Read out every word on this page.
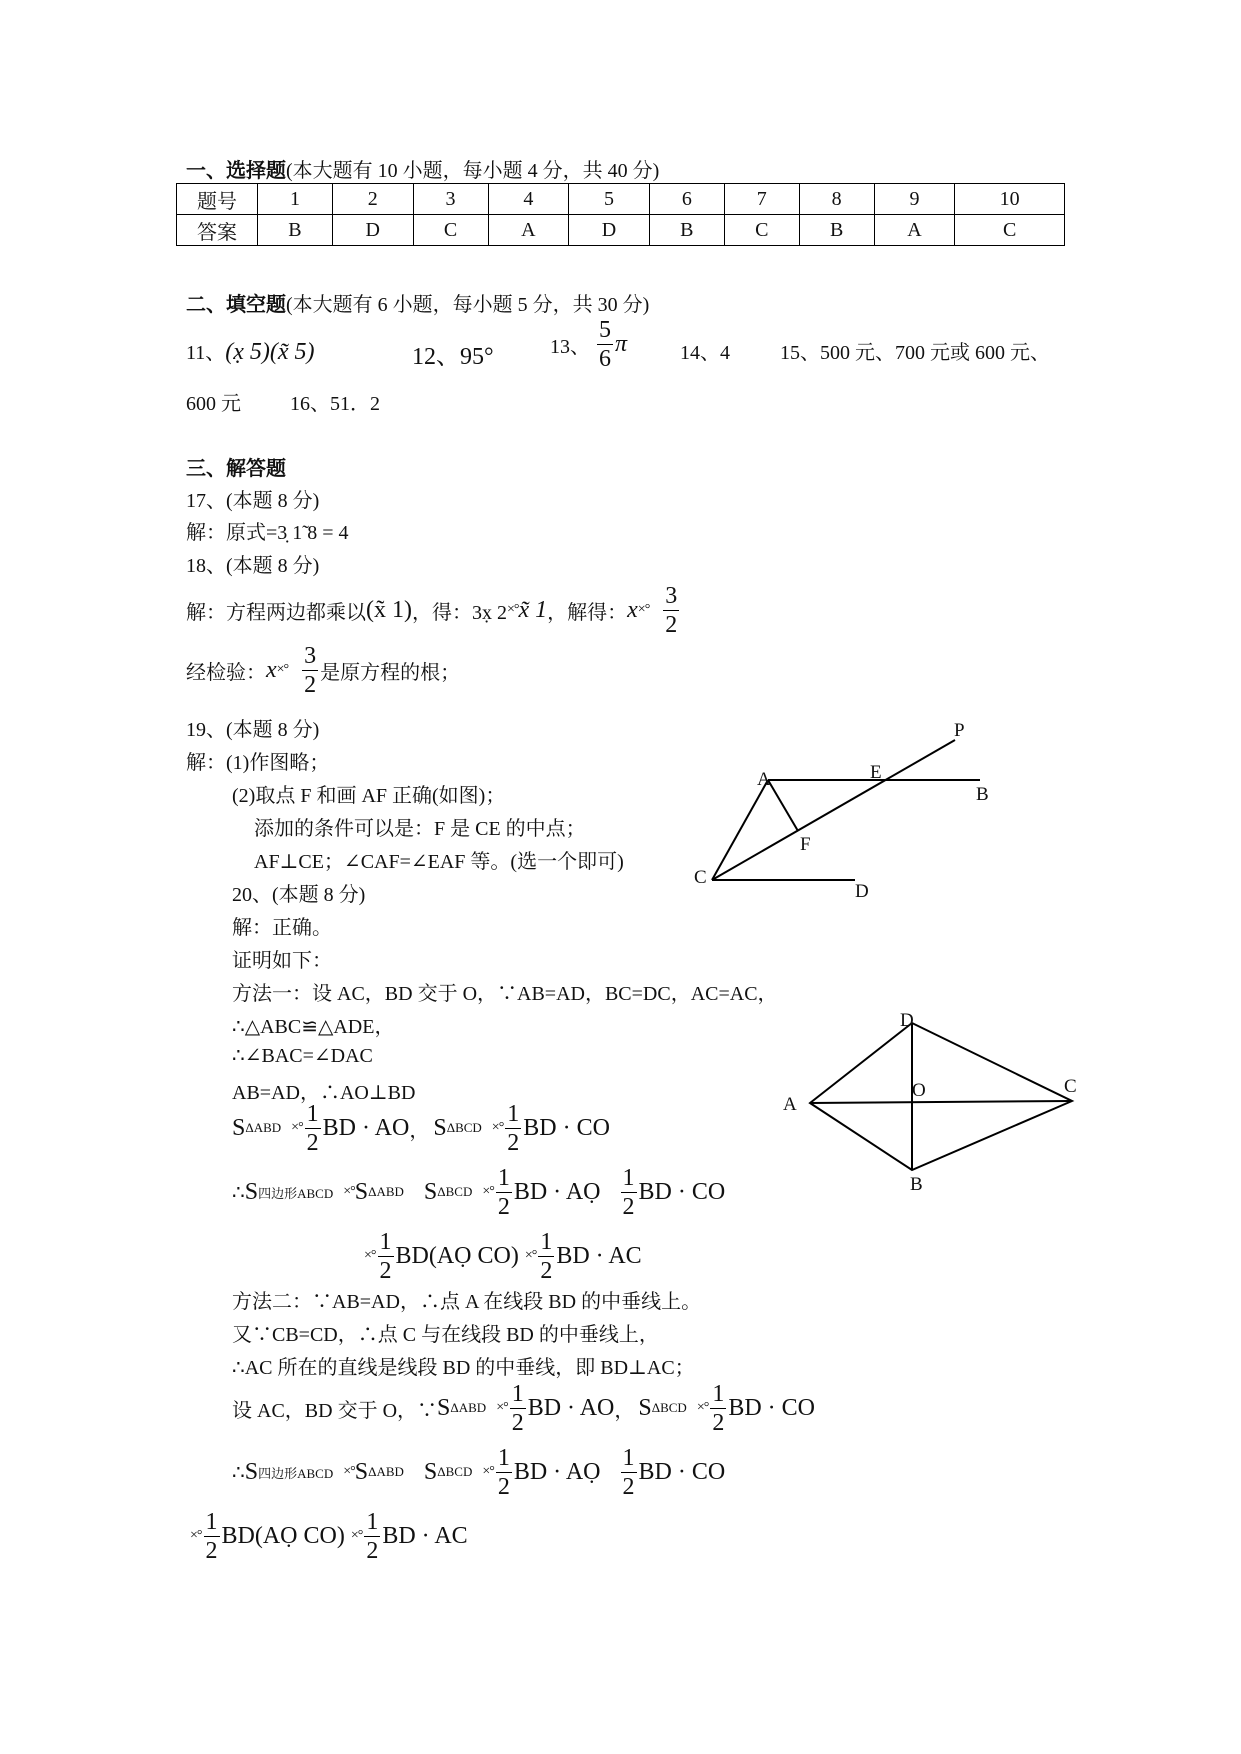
一、选择题(本大题有 10 小题，每小题 4 分，共 40 分)
题号	1	2	3	4	5	6	7	8	9	10
答案	B	D	C	A	D	B	C	B	A	C
二、填空题(本大题有 6 小题，每小题 5 分，共 30 分)
11、(x̣ 5)(x̃ 5)	12、95°	13、 $\frac{5}{6}$ π	14、4	15、500 元、700 元或 600 元、
600 元 16、51．2
三、解答题
17、(本题 8 分)
解：原式=3̣ 1̃ 8 = 4
18、(本题 8 分)
解：方程两边都乘以 (x̃ 1) ，得：3x̣ 2 ×° x̃ 1 ，解得： x ×° $\frac{3}{2}$
经检验： x ×° $\frac{3}{2}$ 是原方程的根；
19、(本题 8 分)
解：(1)作图略；
(2)取点 F 和画 AF 正确(如图)；
添加的条件可以是：F 是 CE 的中点；
AF⊥CE；∠CAF=∠EAF 等。(选一个即可)
20、(本题 8 分)
解：正确。
证明如下：
方法一：设 AC，BD 交于 O，∵AB=AD，BC=DC，AC=AC，
∴△ABC≌△ADE，
∴∠BAC=∠DAC
AB=AD，∴AO⊥BD
S ΔABD ×° $\frac{1}{2}$ BD · AO ， S ΔBCD ×° $\frac{1}{2}$ BD · CO
∴ S 四边形ABCD ×° S ΔABD S ΔBCD ×° $\frac{1}{2}$ BD · AỌ $\frac{1}{2}$ BD · CO
×° $\frac{1}{2}$ BD(AỌ CO) ×° $\frac{1}{2}$ BD · AC
方法二：∵AB=AD，∴点 A 在线段 BD 的中垂线上。
又∵CB=CD，∴点 C 与在线段 BD 的中垂线上，
∴AC 所在的直线是线段 BD 的中垂线，即 BD⊥AC；
设 AC，BD 交于 O，∵ S ΔABD ×° $\frac{1}{2}$ BD · AO ， S ΔBCD ×° $\frac{1}{2}$ BD · CO
∴ S 四边形ABCD ×° S ΔABD S ΔBCD ×° $\frac{1}{2}$ BD · AỌ $\frac{1}{2}$ BD · CO
×° $\frac{1}{2}$ BD(AỌ CO) ×° $\frac{1}{2}$ BD · AC
P
A	E
B
F
C
D
D
O	C
A
B
